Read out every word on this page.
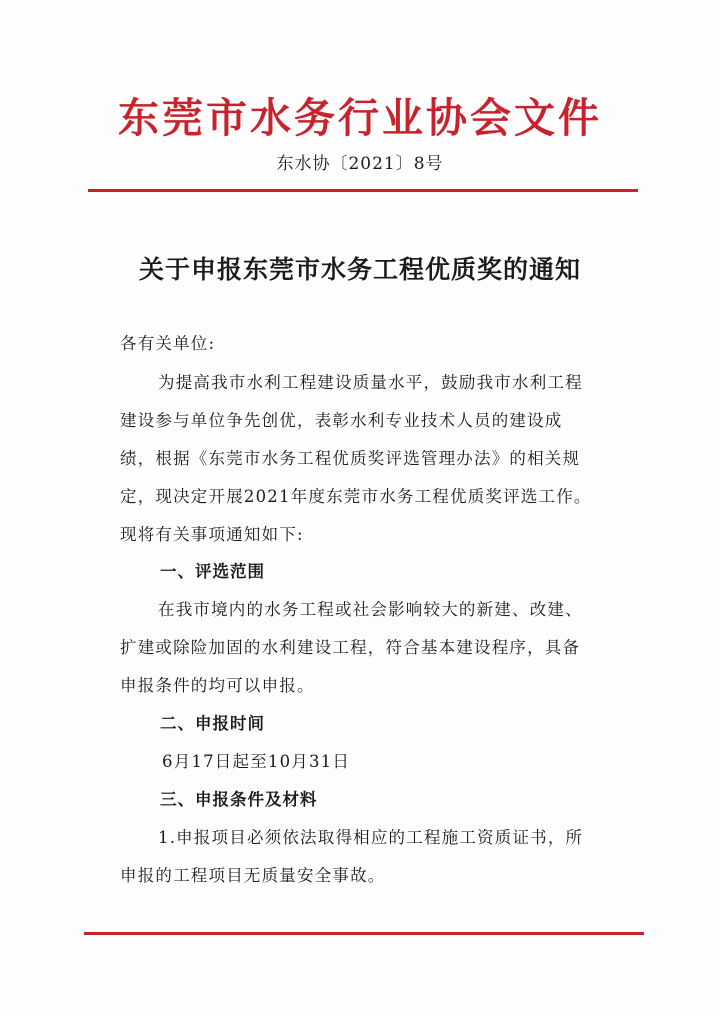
东莞市水务行业协会文件
东水协〔2021〕8号
关于申报东莞市水务工程优质奖的通知
各有关单位:
为提高我市水利工程建设质量水平，鼓励我市水利工程
建设参与单位争先创优，表彰水利专业技术人员的建设成
绩，根据《东莞市水务工程优质奖评选管理办法》的相关规
定，现决定开展2021年度东莞市水务工程优质奖评选工作。
现将有关事项通知如下:
一、评选范围
在我市境内的水务工程或社会影响较大的新建、改建、
扩建或除险加固的水利建设工程，符合基本建设程序，具备
申报条件的均可以申报。
二、申报时间
6月17日起至10月31日
三、申报条件及材料
1.申报项目必须依法取得相应的工程施工资质证书，所
申报的工程项目无质量安全事故。
